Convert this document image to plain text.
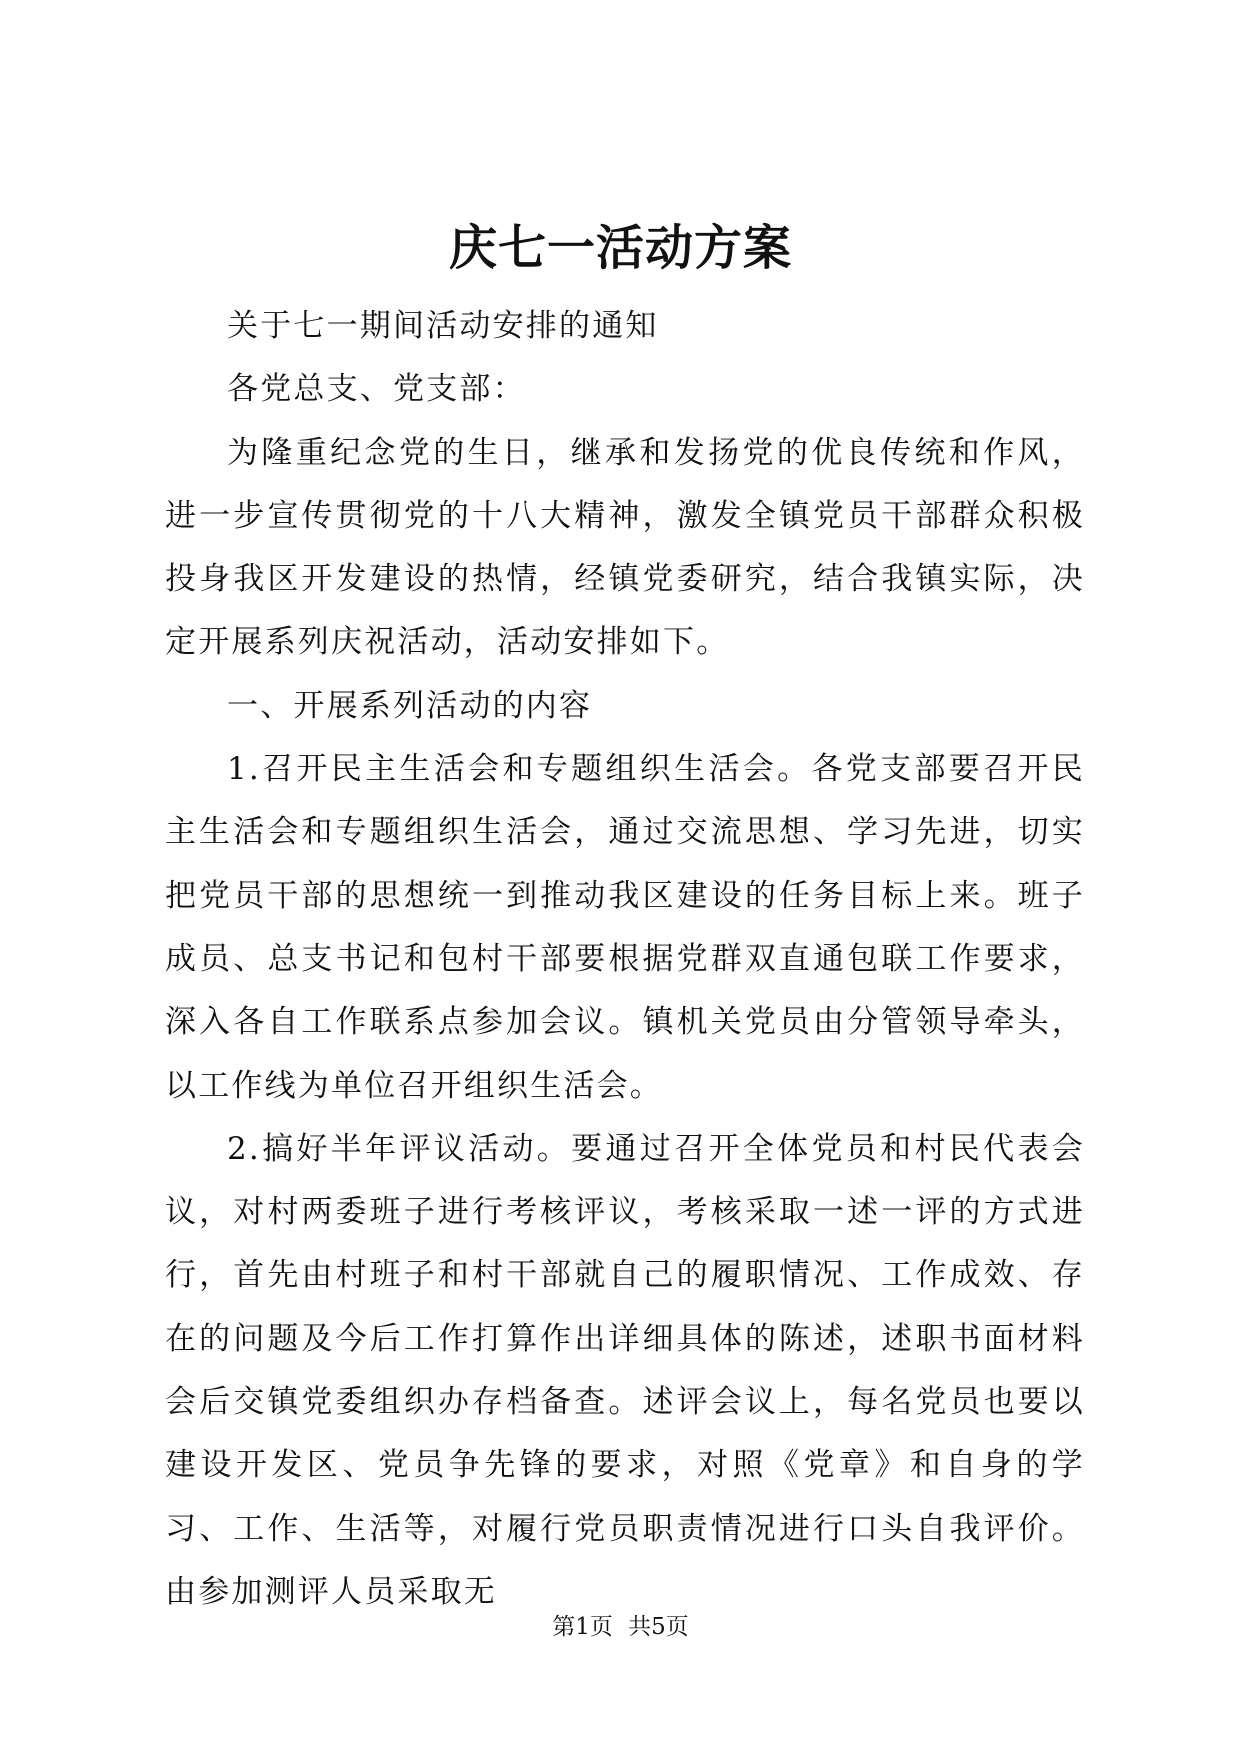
庆七一活动方案

关于七一期间活动安排的通知

各党总支、党支部：

为隆重纪念党的生日，继承和发扬党的优良传统和作风，进一步宣传贯彻党的十八大精神，激发全镇党员干部群众积极投身我区开发建设的热情，经镇党委研究，结合我镇实际，决定开展系列庆祝活动，活动安排如下。

一、开展系列活动的内容

1.召开民主生活会和专题组织生活会。各党支部要召开民主生活会和专题组织生活会，通过交流思想、学习先进，切实把党员干部的思想统一到推动我区建设的任务目标上来。班子成员、总支书记和包村干部要根据党群双直通包联工作要求，深入各自工作联系点参加会议。镇机关党员由分管领导牵头，以工作线为单位召开组织生活会。

2.搞好半年评议活动。要通过召开全体党员和村民代表会议，对村两委班子进行考核评议，考核采取一述一评的方式进行，首先由村班子和村干部就自己的履职情况、工作成效、存在的问题及今后工作打算作出详细具体的陈述，述职书面材料会后交镇党委组织办存档备查。述评会议上，每名党员也要以建设开发区、党员争先锋的要求，对照《党章》和自身的学习、工作、生活等，对履行党员职责情况进行口头自我评价。由参加测评人员采取无

第1页 共5页
